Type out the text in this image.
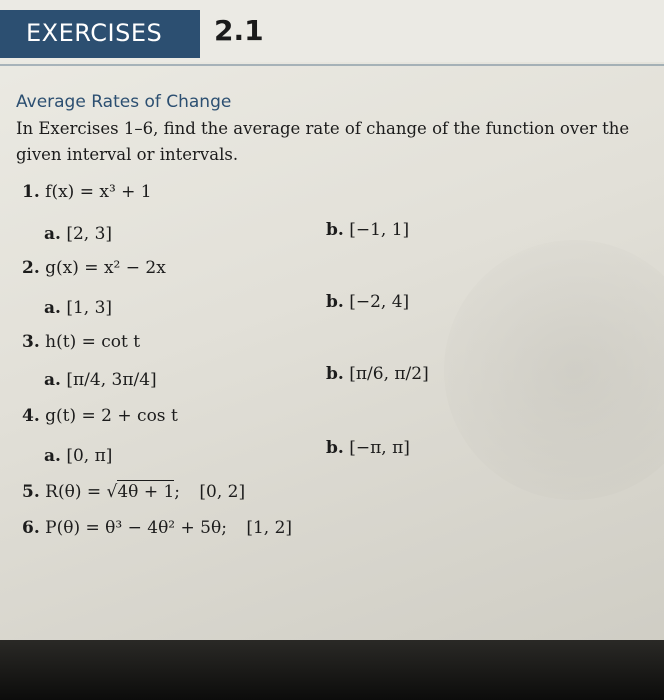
EXERCISES 2.1
Average Rates of Change
In Exercises 1–6, find the average rate of change of the function over the given interval or intervals.
1. f(x) = x³ + 1
a. [2, 3]	b. [−1, 1]
2. g(x) = x² − 2x
a. [1, 3]	b. [−2, 4]
3. h(t) = cot t
a. [π/4, 3π/4]	b. [π/6, π/2]
4. g(t) = 2 + cos t
a. [0, π]	b. [−π, π]
5. R(θ) = √4θ + 1; [0, 2]
6. P(θ) = θ³ − 4θ² + 5θ; [1, 2]
